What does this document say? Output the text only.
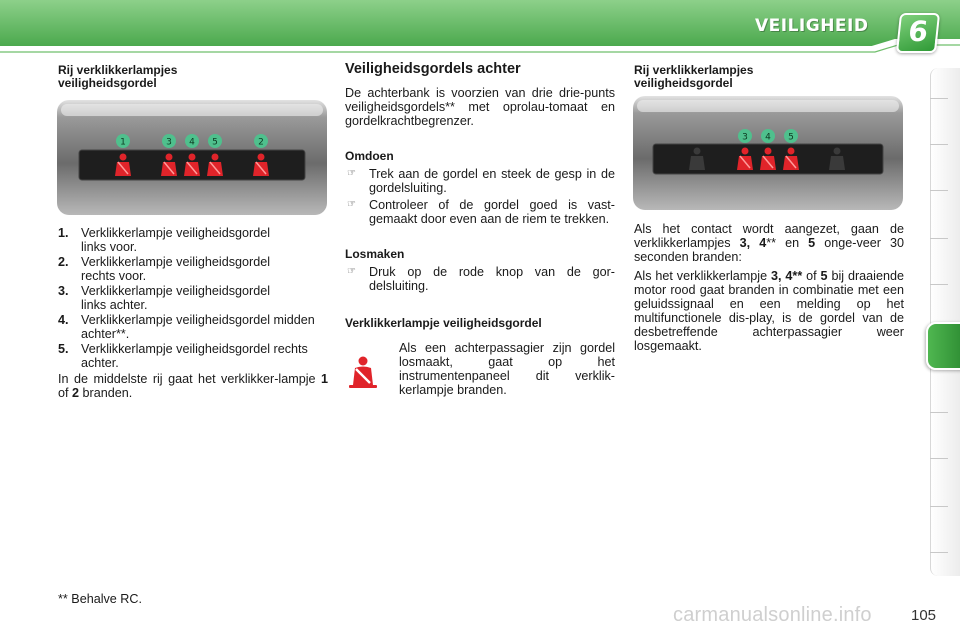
VEILIGHEID	6
Rij verklikkerlampjes veiligheidsgordel
1	3 4 5	2
1. Verklikkerlampje veiligheidsgordel links voor.
2. Verklikkerlampje veiligheidsgordel rechts voor.
3. Verklikkerlampje veiligheidsgordel links achter.
4. Verklikkerlampje veiligheidsgordel midden achter**.
5. Verklikkerlampje veiligheidsgordel rechts achter.
In de middelste rij gaat het verklikker-lampje 1 of 2 branden.
Veiligheidsgordels achter
De achterbank is voorzien van drie drie-punts veiligheidsgordels** met oprolau-tomaat en gordelkrachtbegrenzer.
Omdoen
☞	Trek aan de gordel en steek de gesp in de gordelsluiting.
☞	Controleer of de gordel goed is vast-gemaakt door even aan de riem te trekken.
Losmaken
☞	Druk op de rode knop van de gor-delsluiting.
Verklikkerlampje veiligheidsgordel
Als een achterpassagier zijn gordel losmaakt, gaat op het instrumentenpaneel dit verklik-kerlampje branden.
Rij verklikkerlampjes veiligheidsgordel
3 4 5
Als het contact wordt aangezet, gaan de verklikkerlampjes 3, 4** en 5 onge-veer 30 seconden branden:
Als het verklikkerlampje 3, 4** of 5 bij draaiende motor rood gaat branden in combinatie met een geluidssignaal en een melding op het multifunctionele dis-play, is de gordel van de desbetreffende achterpassagier weer losgemaakt.
** Behalve RC.
carmanualsonline.info	105
